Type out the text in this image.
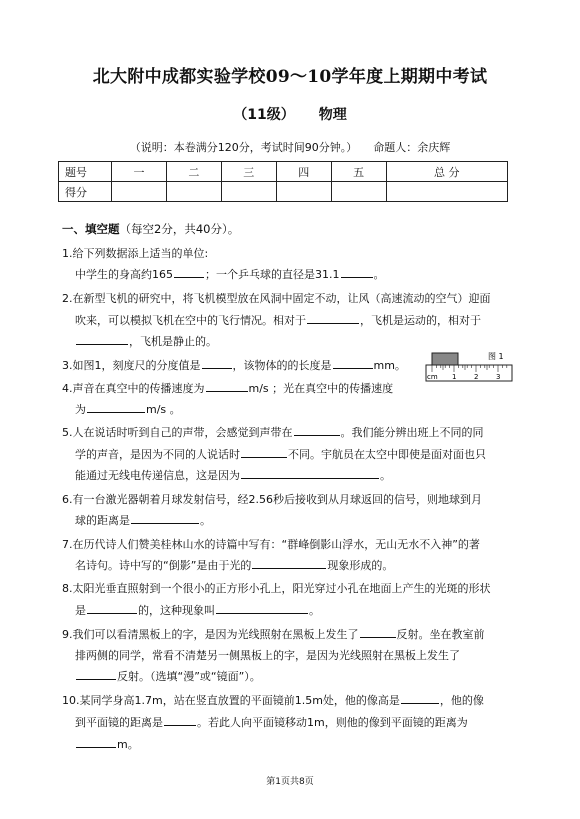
北大附中成都实验学校09～10学年度上期期中考试
（11级） 物理
（说明：本卷满分120分，考试时间90分钟。） 命题人：余庆辉
题号	一	二	三	四	五	总 分
得分						
一、填空题（每空2分，共40分）。
1.给下列数据添上适当的单位:
中学生的身高约165	；一个乒乓球的直径是31.1	。
2.在新型飞机的研究中，将飞机模型放在风洞中固定不动，让风（高速流动的空气）迎面
吹来，可以模拟飞机在空中的飞行情况。相对于	，飞机是运动的，相对于
，飞机是静止的。
3.如图1，刻度尺的分度值是	，该物体的的长度是	mm。
cm 1	2	3
图 1
4.声音在真空中的传播速度为	m/s ；光在真空中的传播速度
为	m/s 。
5.人在说话时听到自己的声带，会感觉到声带在	。我们能分辨出班上不同的同
学的声音，是因为不同的人说话时	不同。宇航员在太空中即使是面对面也只
能通过无线电传递信息，这是因为	。
6.有一台激光器朝着月球发射信号，经2.56秒后接收到从月球返回的信号，则地球到月
球的距离是	。
7.在历代诗人们赞美桂林山水的诗篇中写有：“群峰倒影山浮水，无山无水不入神”的著
名诗句。诗中写的“倒影”是由于光的	现象形成的。
8.太阳光垂直照射到一个很小的正方形小孔上，阳光穿过小孔在地面上产生的光斑的形状
是	的，这种现象叫	。
9.我们可以看清黑板上的字，是因为光线照射在黑板上发生了	反射。坐在教室前
排两侧的同学，常看不清楚另一侧黑板上的字，是因为光线照射在黑板上发生了
反射。（选填“漫”或“镜面”）。
10.某同学身高1.7m，站在竖直放置的平面镜前1.5m处，他的像高是	，他的像
到平面镜的距离是	。若此人向平面镜移动1m，则他的像到平面镜的距离为
m。
第1页共8页
